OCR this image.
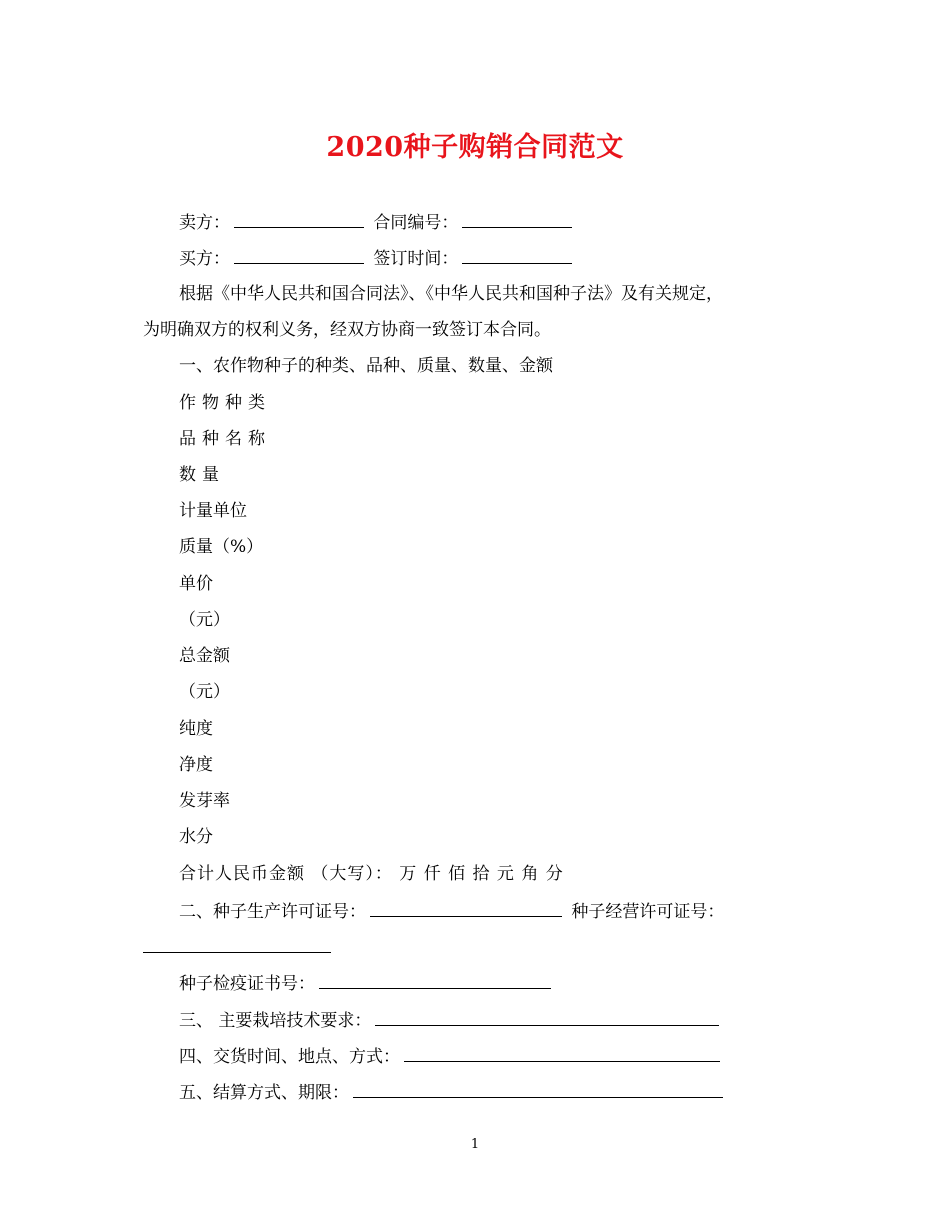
2020种子购销合同范文
卖方：	合同编号：
买方：	签订时间：
根据《中华人民共和国合同法》、《中华人民共和国种子法》及有关规定，
为明确双方的权利义务，经双方协商一致签订本合同。
一、农作物种子的种类、品种、质量、数量、金额
作物种类
品种名称
数量
计量单位
质量（%）
单价
（元）
总金额
（元）
纯度
净度
发芽率
水分
合计人民币金额 （大写）： 万 仟 佰 拾 元 角 分
二、种子生产许可证号：	种子经营许可证号：
种子检疫证书号：
三、 主要栽培技术要求：
四、交货时间、地点、方式：
五、结算方式、期限：
1
